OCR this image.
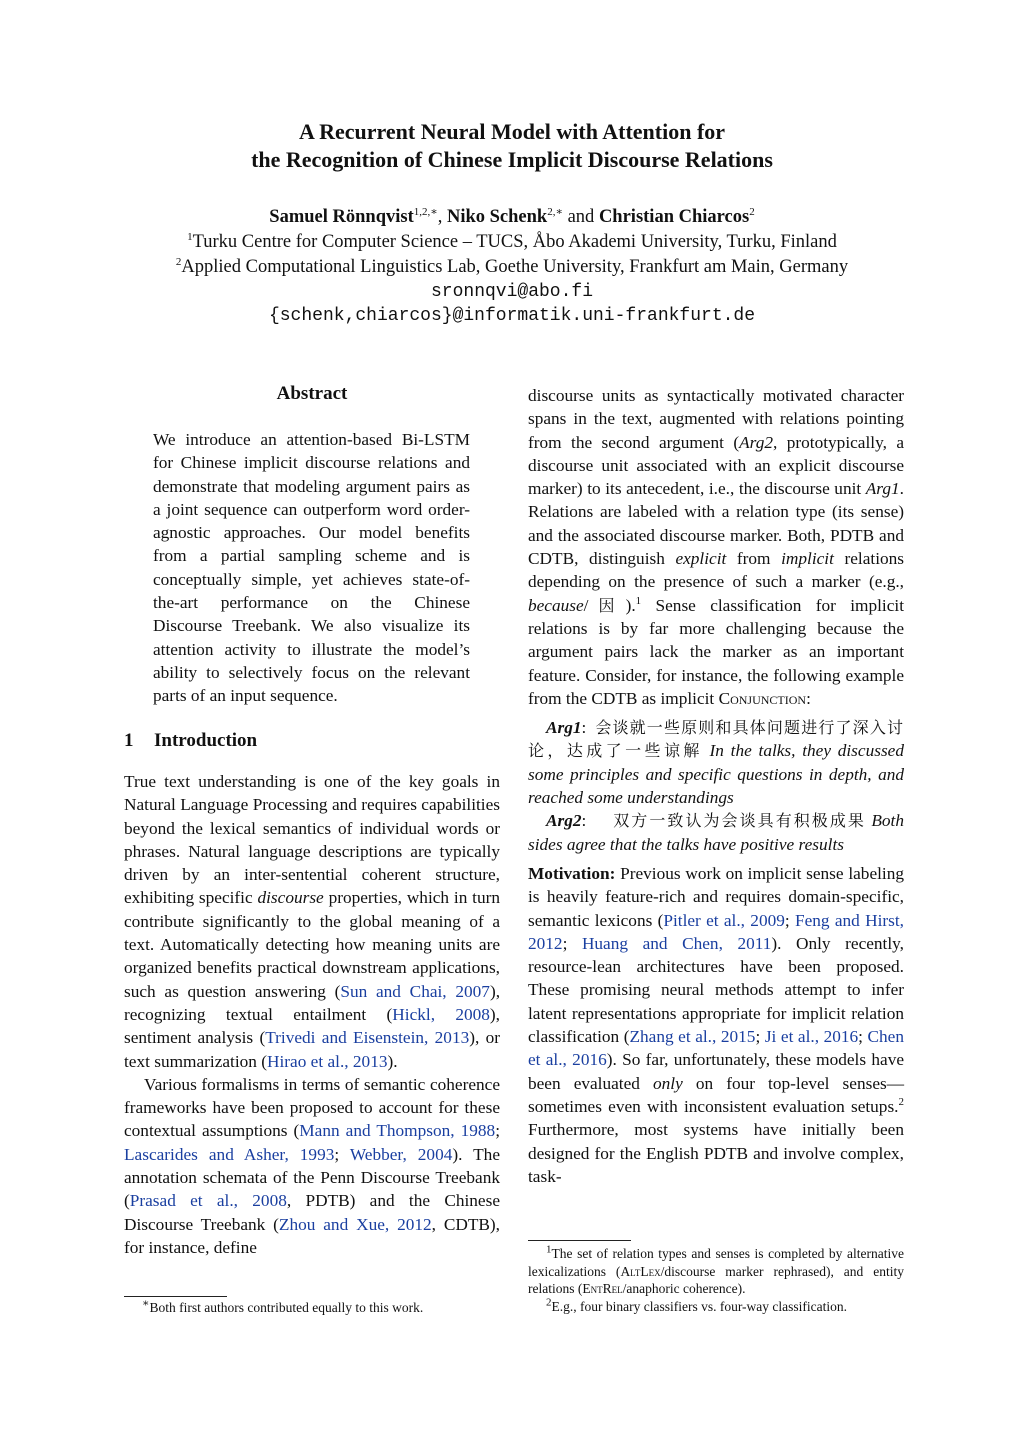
A Recurrent Neural Model with Attention for
the Recognition of Chinese Implicit Discourse Relations
Samuel Rönnqvist$^{1,2,∗}$, Niko Schenk$^{2,∗}$ and Christian Chiarcos$^2$
$^1$Turku Centre for Computer Science – TUCS, Åbo Akademi University, Turku, Finland
$^2$Applied Computational Linguistics Lab, Goethe University, Frankfurt am Main, Germany
sronnqvi@abo.fi
{schenk,chiarcos}@informatik.uni-frankfurt.de
Abstract

We introduce an attention-based Bi-LSTM for Chinese implicit discourse relations and demonstrate that modeling argument pairs as a joint sequence can outperform word order-agnostic approaches. Our model benefits from a partial sampling scheme and is conceptually simple, yet achieves state-of-the-art performance on the Chinese Discourse Treebank. We also visualize its attention activity to illustrate the model’s ability to selectively focus on the relevant parts of an input sequence.

1 Introduction

True text understanding is one of the key goals in Natural Language Processing and requires capabilities beyond the lexical semantics of individual words or phrases. Natural language descriptions are typically driven by an inter-sentential coherent structure, exhibiting specific discourse properties, which in turn contribute significantly to the global meaning of a text. Automatically detecting how meaning units are organized benefits practical downstream applications, such as question answering (Sun and Chai, 2007), recognizing textual entailment (Hickl, 2008), sentiment analysis (Trivedi and Eisenstein, 2013), or text summarization (Hirao et al., 2013).

Various formalisms in terms of semantic coherence frameworks have been proposed to account for these contextual assumptions (Mann and Thompson, 1988; Lascarides and Asher, 1993; Webber, 2004). The annotation schemata of the Penn Discourse Treebank (Prasad et al., 2008, PDTB) and the Chinese Discourse Treebank (Zhou and Xue, 2012, CDTB), for instance, define

∗Both first authors contributed equally to this work.

discourse units as syntactically motivated character spans in the text, augmented with relations pointing from the second argument (Arg2, prototypically, a discourse unit associated with an explicit discourse marker) to its antecedent, i.e., the discourse unit Arg1. Relations are labeled with a relation type (its sense) and the associated discourse marker. Both, PDTB and CDTB, distinguish explicit from implicit relations depending on the presence of such a marker (e.g., because/因).$^1$ Sense classification for implicit relations is by far more challenging because the argument pairs lack the marker as an important feature. Consider, for instance, the following example from the CDTB as implicit Conjunction:

Arg1: 会谈就一些原则和具体问题进行了深入讨论，达成了一些谅解 In the talks, they discussed some principles and specific questions in depth, and reached some understandings

Arg2: 双方一致认为会谈具有积极成果 Both sides agree that the talks have positive results

Motivation: Previous work on implicit sense labeling is heavily feature-rich and requires domain-specific, semantic lexicons (Pitler et al., 2009; Feng and Hirst, 2012; Huang and Chen, 2011). Only recently, resource-lean architectures have been proposed. These promising neural methods attempt to infer latent representations appropriate for implicit relation classification (Zhang et al., 2015; Ji et al., 2016; Chen et al., 2016). So far, unfortunately, these models have been evaluated only on four top-level senses—sometimes even with inconsistent evaluation setups.$^2$ Furthermore, most systems have initially been designed for the English PDTB and involve complex, task-

$^1$The set of relation types and senses is completed by alternative lexicalizations (AltLex/discourse marker rephrased), and entity relations (EntRel/anaphoric coherence).
$^2$E.g., four binary classifiers vs. four-way classification.
